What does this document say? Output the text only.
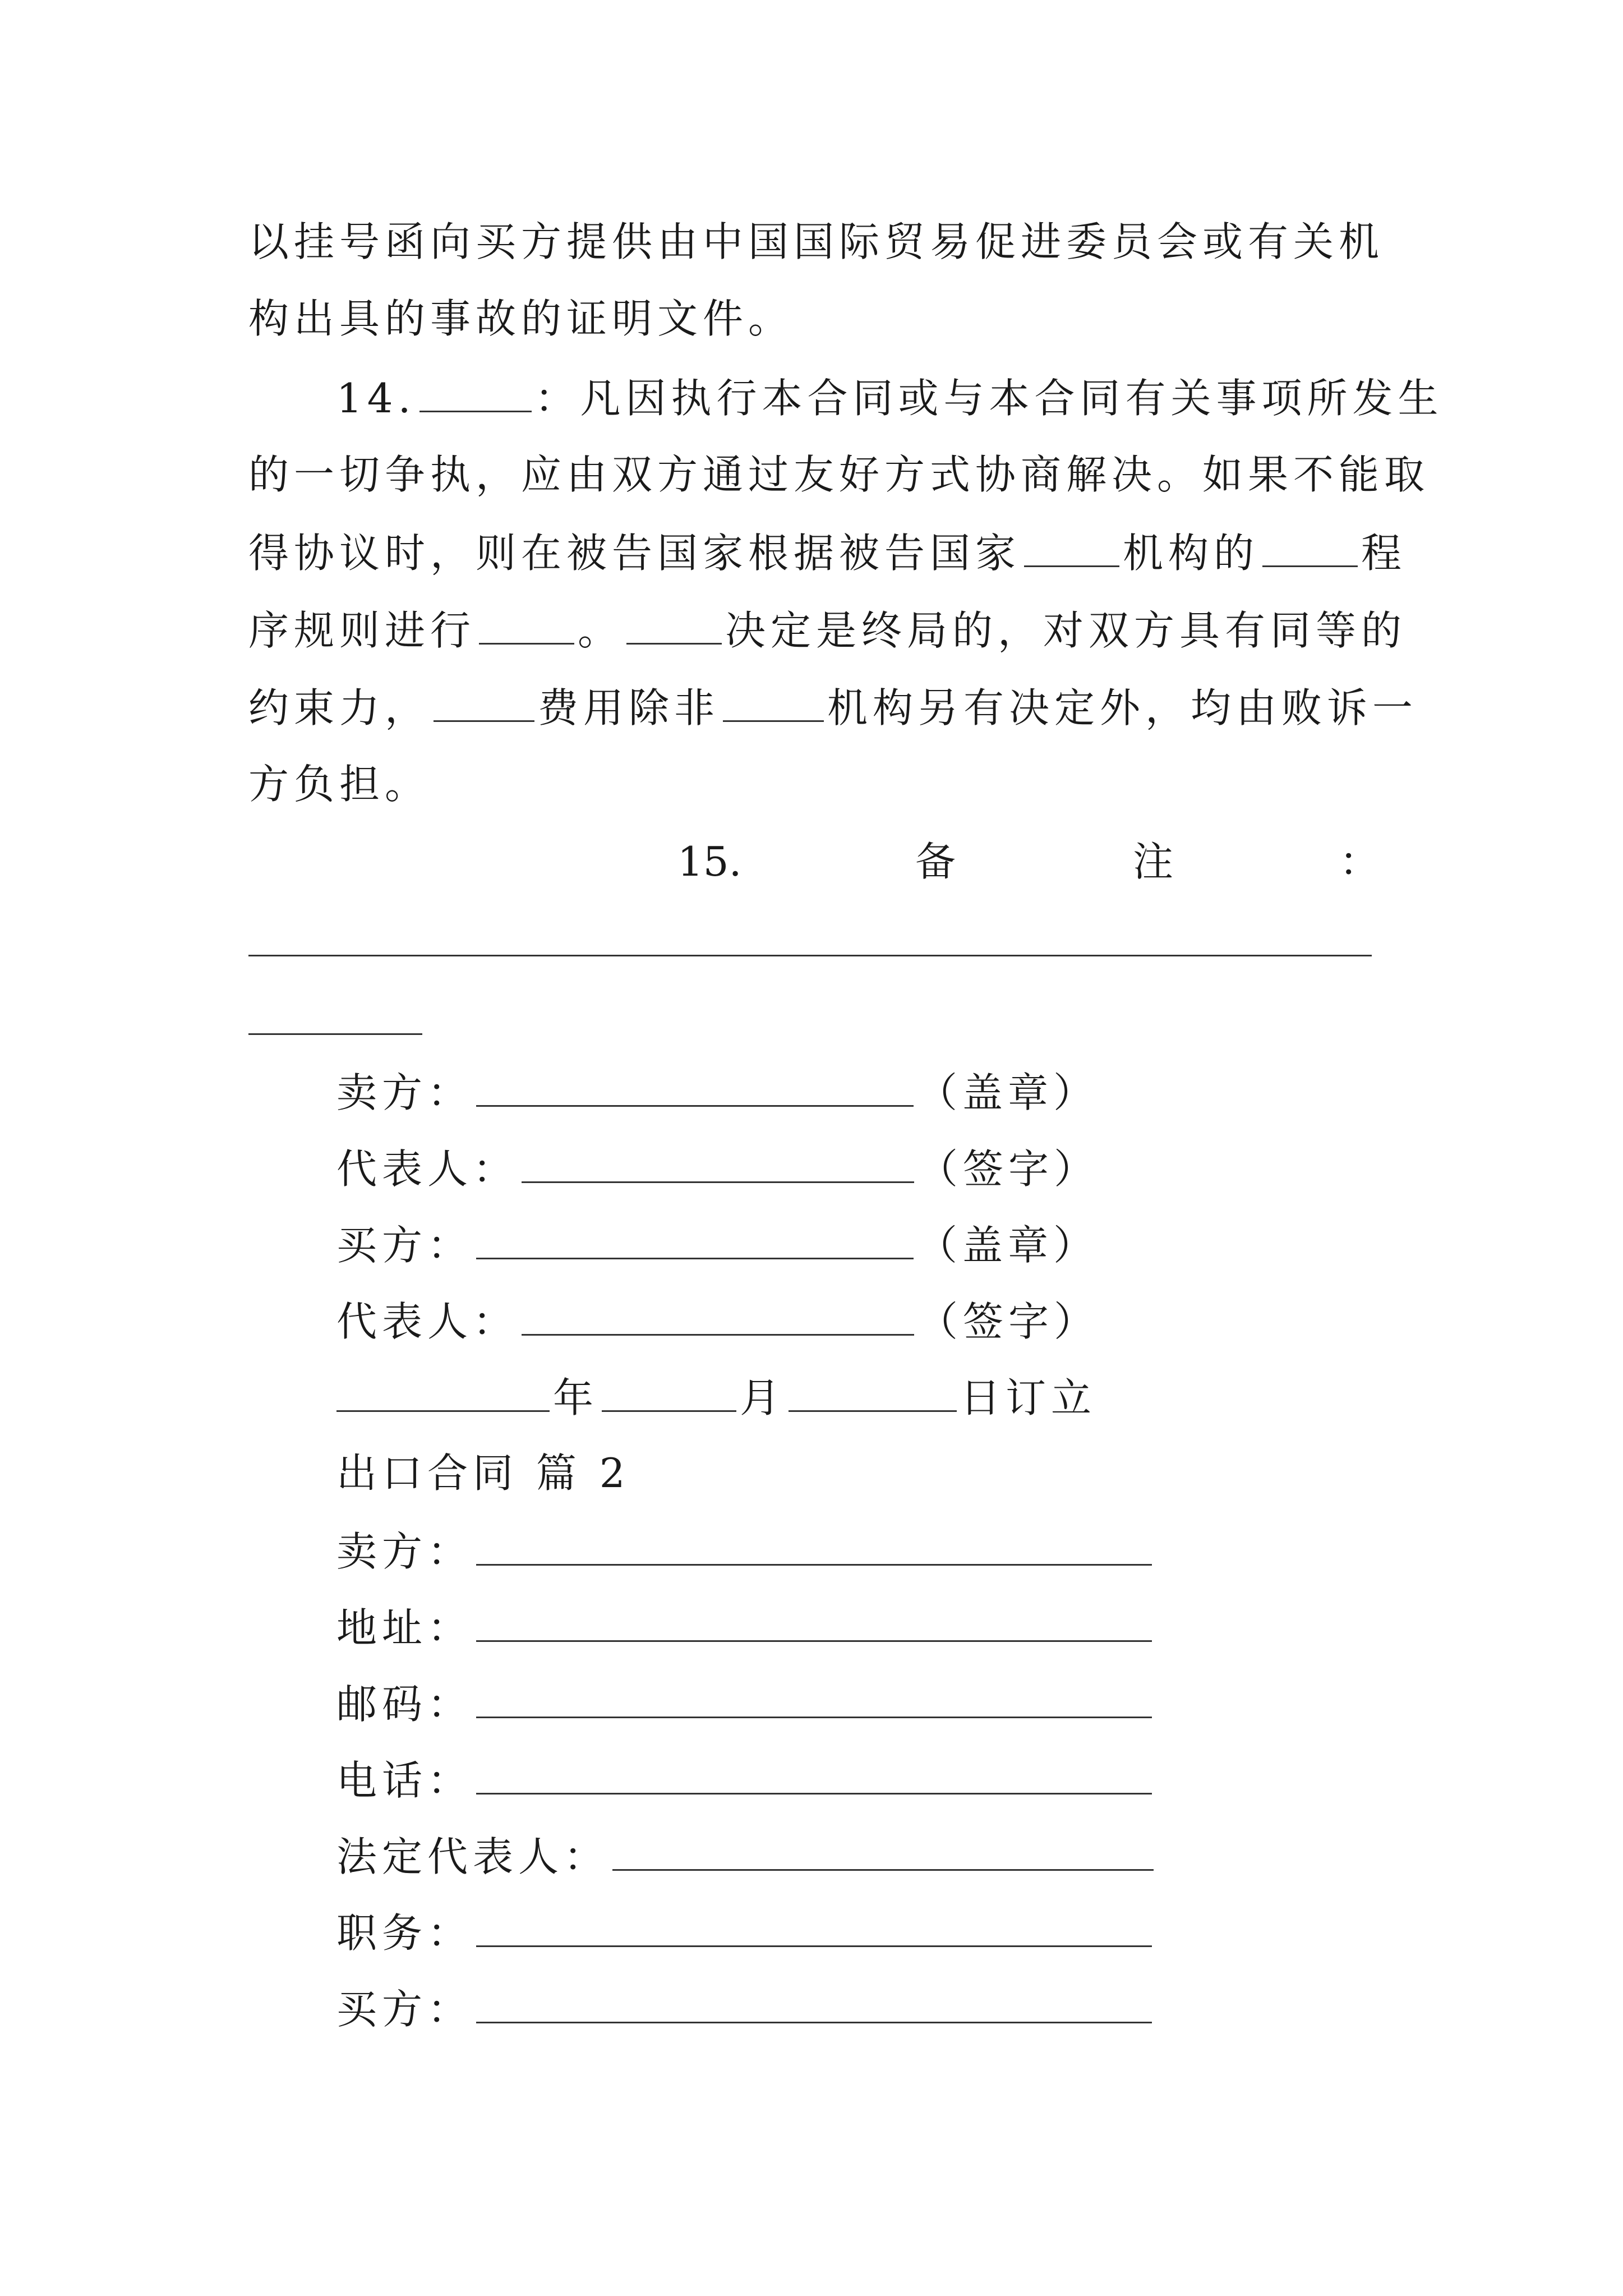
以挂号函向买方提供由中国国际贸易促进委员会或有关机
构出具的事故的证明文件。
14.	：凡因执行本合同或与本合同有关事项所发生
的一切争执，应由双方通过友好方式协商解决。如果不能取
得协议时，则在被告国家根据被告国家	机构的	程
序规则进行	。	决定是终局的，对双方具有同等的
约束力，	费用除非	机构另有决定外，均由败诉一
方负担。
15.	备	注	：
卖方：	（盖章）
代表人：	（签字）
买方：	（盖章）
代表人：	（签字）
年	月	日订立
出口合同 篇 2
卖方：
地址：
邮码：
电话：
法定代表人：
职务：
买方：
